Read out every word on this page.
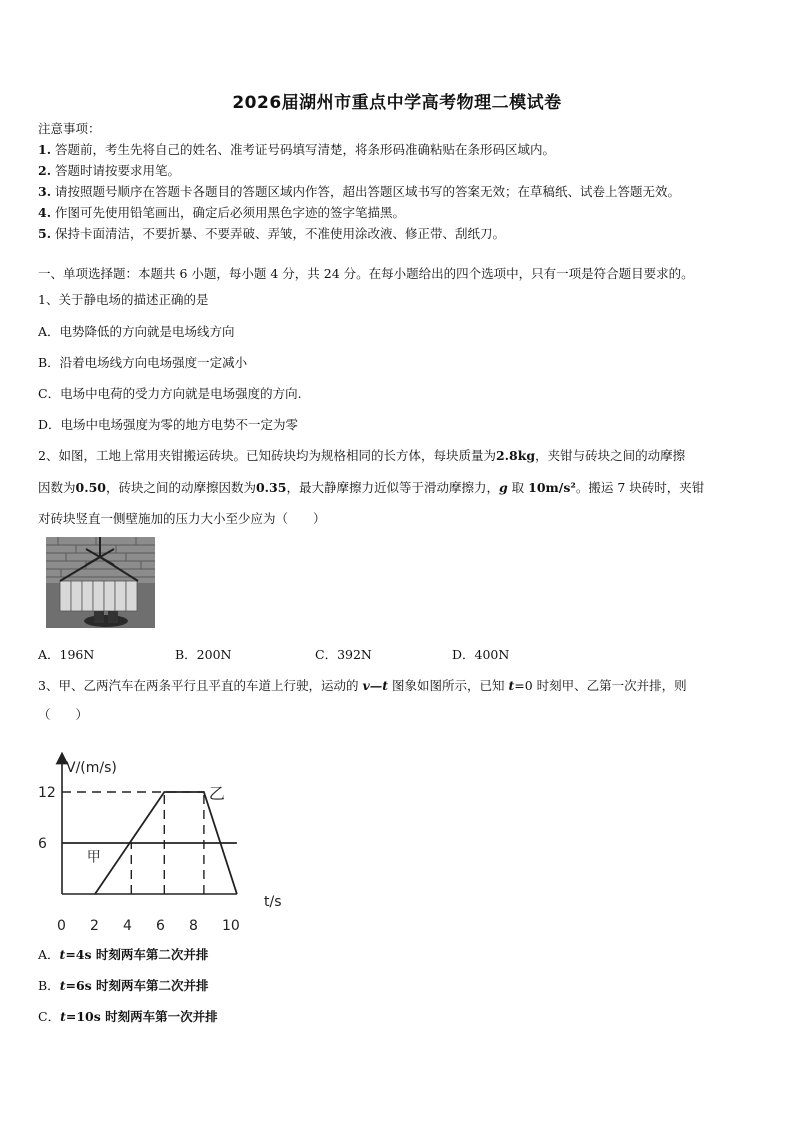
2026届湖州市重点中学高考物理二模试卷
注意事项：
1. 答题前，考生先将自己的姓名、准考证号码填写清楚，将条形码准确粘贴在条形码区域内。
2. 答题时请按要求用笔。
3. 请按照题号顺序在答题卡各题目的答题区域内作答，超出答题区域书写的答案无效；在草稿纸、试卷上答题无效。
4. 作图可先使用铅笔画出，确定后必须用黑色字迹的签字笔描黑。
5. 保持卡面清洁，不要折暴、不要弄破、弄皱，不准使用涂改液、修正带、刮纸刀。
一、单项选择题：本题共 6 小题，每小题 4 分，共 24 分。在每小题给出的四个选项中，只有一项是符合题目要求的。
1、关于静电场的描述正确的是
A．电势降低的方向就是电场线方向
B．沿着电场线方向电场强度一定减小
C．电场中电荷的受力方向就是电场强度的方向.
D．电场中电场强度为零的地方电势不一定为零
2、如图，工地上常用夹钳搬运砖块。已知砖块均为规格相同的长方体，每块质量为2.8kg，夹钳与砖块之间的动摩擦
因数为0.50，砖块之间的动摩擦因数为0.35，最大静摩擦力近似等于滑动摩擦力，g 取 10m/s²。搬运 7 块砖时，夹钳
对砖块竖直一侧壁施加的压力大小至少应为（　　）
A．196N	B．200N	C．392N	D．400N
3、甲、乙两汽车在两条平行且平直的车道上行驶，运动的 v—t 图象如图所示，已知 t=0 时刻甲、乙第一次并排，则
（　　）
V/(m/s)
t/s
0 2 4 6 8 10
6
12
甲
乙
A．t=4s 时刻两车第二次并排
B．t=6s 时刻两车第二次并排
C．t=10s 时刻两车第一次并排
